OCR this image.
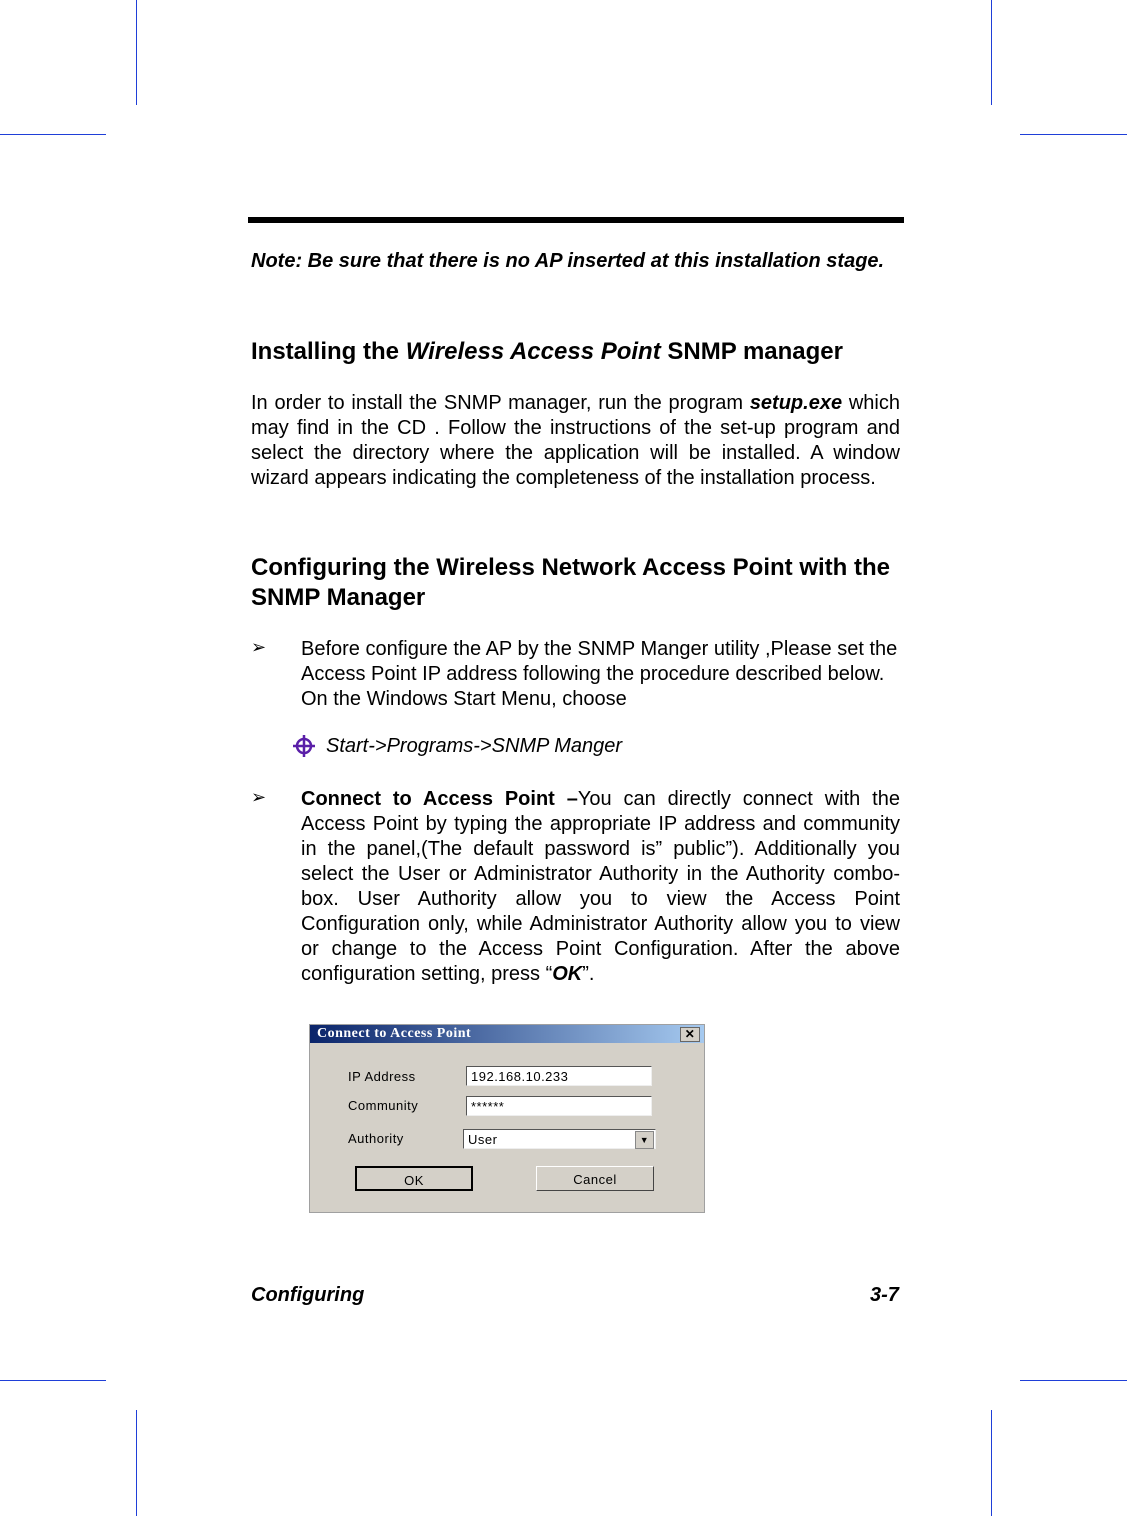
Note: Be sure that there is no AP inserted at this installation stage.

Installing the Wireless Access Point SNMP manager

In order to install the SNMP manager, run the program setup.exe which may find in the CD . Follow the instructions of the set-up program and select the directory where the application will be installed. A window wizard appears indicating the completeness of the installation process.

Configuring the Wireless Network Access Point with the SNMP Manager
➢ Before configure the AP by the SNMP Manger utility ,Please set the Access Point IP address following the procedure described below. On the Windows Start Menu, choose

Start->Programs->SNMP Manger
➢ Connect to Access Point –You can directly connect with the Access Point by typing the appropriate IP address and community in the panel,(The default password is” public”). Additionally you select the User or Administrator Authority in the Authority combo-box. User Authority allow you to view the Access Point Configuration only, while Administrator Authority allow you to view or change to the Access Point Configuration. After the above configuration setting, press “OK”.

Connect to Access Point	✕
IP Address	192.168.10.233
Community	******
Authority	User	▼
OK	Cancel
Configuring	3-7
